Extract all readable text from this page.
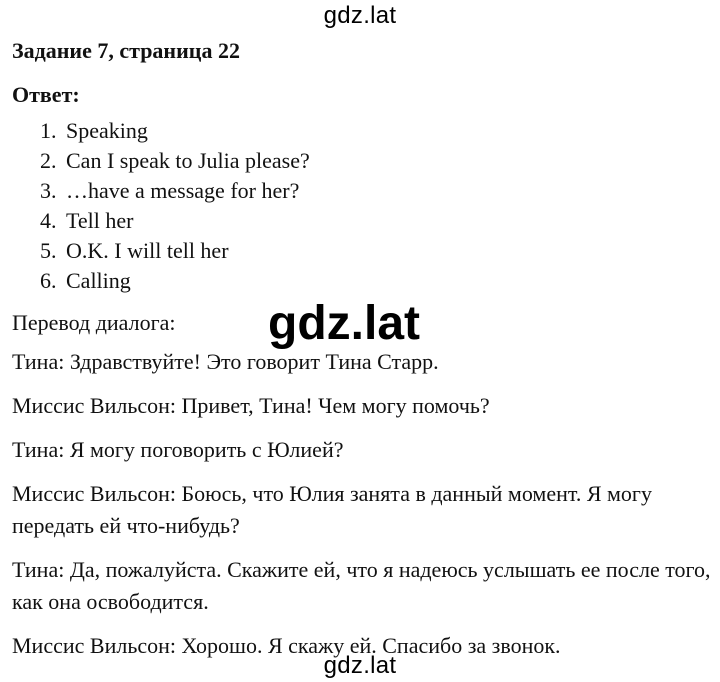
gdz.lat
Задание 7, страница 22
Ответ:
1. Speaking
2. Can I speak to Julia please?
3. …have a message for her?
4. Tell her
5. O.K. I will tell her
6. Calling
Перевод диалога:

Тина: Здравствуйте! Это говорит Тина Старр.

Миссис Вильсон: Привет, Тина! Чем могу помочь?

Тина: Я могу поговорить с Юлией?

Миссис Вильсон: Боюсь, что Юлия занята в данный момент. Я могу передать ей что-нибудь?

Тина: Да, пожалуйста. Скажите ей, что я надеюсь услышать ее после того, как она освободится.

Миссис Вильсон: Хорошо. Я скажу ей. Спасибо за звонок.

gdz.lat
gdz.lat
